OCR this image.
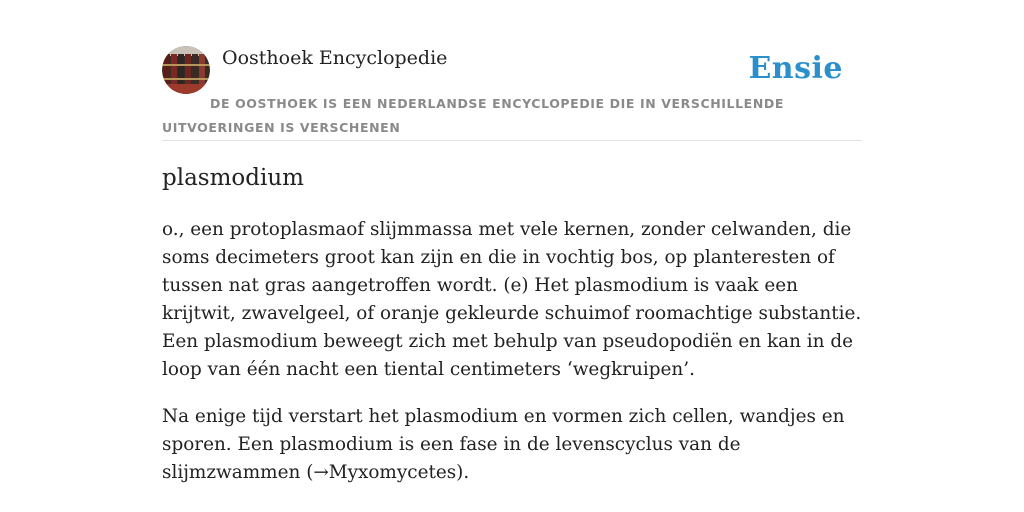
Oosthoek Encyclopedie	Ensie
DE OOSTHOEK IS EEN NEDERLANDSE ENCYCLOPEDIE DIE IN VERSCHILLENDE UITVOERINGEN IS VERSCHENEN
plasmodium

o., een protoplasmaof slijmmassa met vele kernen, zonder celwanden, die soms decimeters groot kan zijn en die in vochtig bos, op planteresten of tussen nat gras aangetroffen wordt. (e) Het plasmodium is vaak een krijtwit, zwavelgeel, of oranje gekleurde schuimof roomachtige substantie. Een plasmodium beweegt zich met behulp van pseudopodiën en kan in de loop van één nacht een tiental centimeters ‘wegkruipen’.

Na enige tijd verstart het plasmodium en vormen zich cellen, wandjes en sporen. Een plasmodium is een fase in de levenscyclus van de slijmzwammen (→Myxomycetes).
